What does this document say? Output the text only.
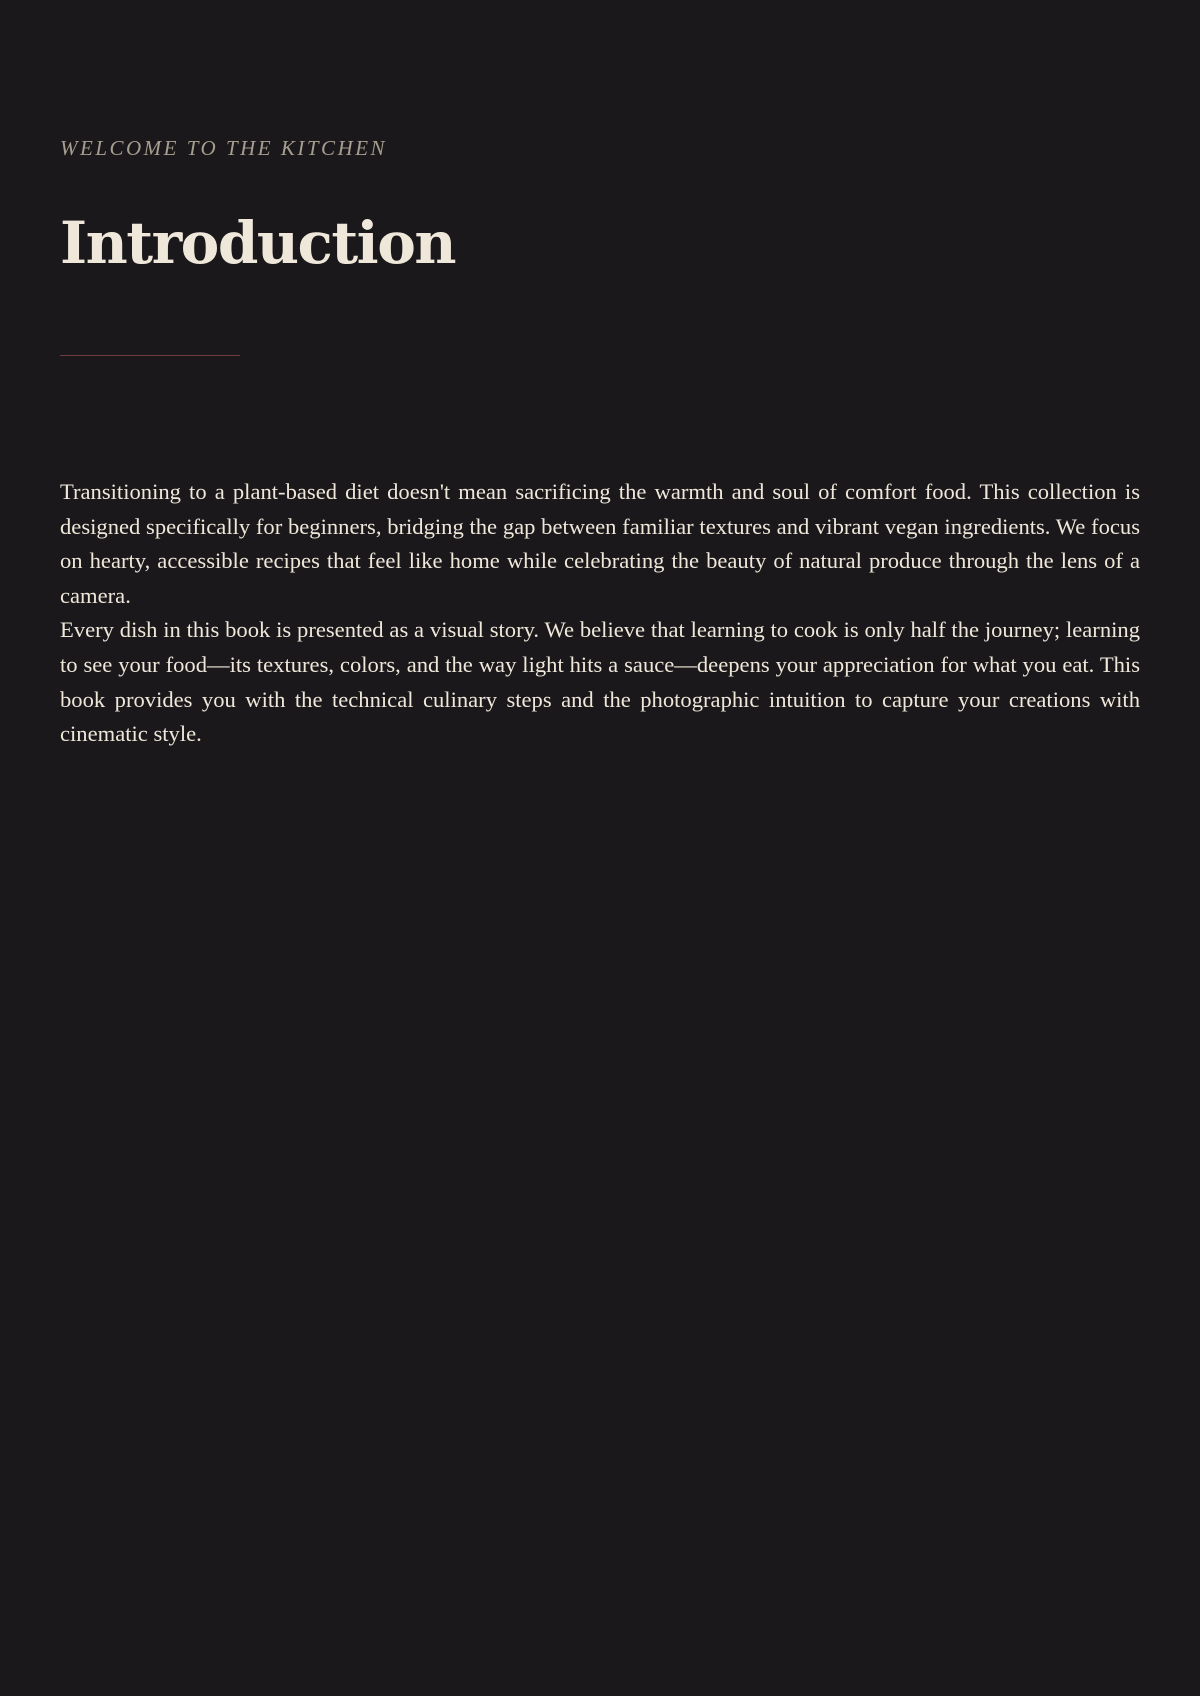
WELCOME TO THE KITCHEN

Introduction

Transitioning to a plant-based diet doesn't mean sacrificing the warmth and soul of comfort food. This collection is designed specifically for beginners, bridging the gap between familiar textures and vibrant vegan ingredients. We focus on hearty, accessible recipes that feel like home while celebrating the beauty of natural produce through the lens of a camera.

Every dish in this book is presented as a visual story. We believe that learning to cook is only half the journey; learning to see your food—its textures, colors, and the way light hits a sauce—deepens your appreciation for what you eat. This book provides you with the technical culinary steps and the photographic intuition to capture your creations with cinematic style.
